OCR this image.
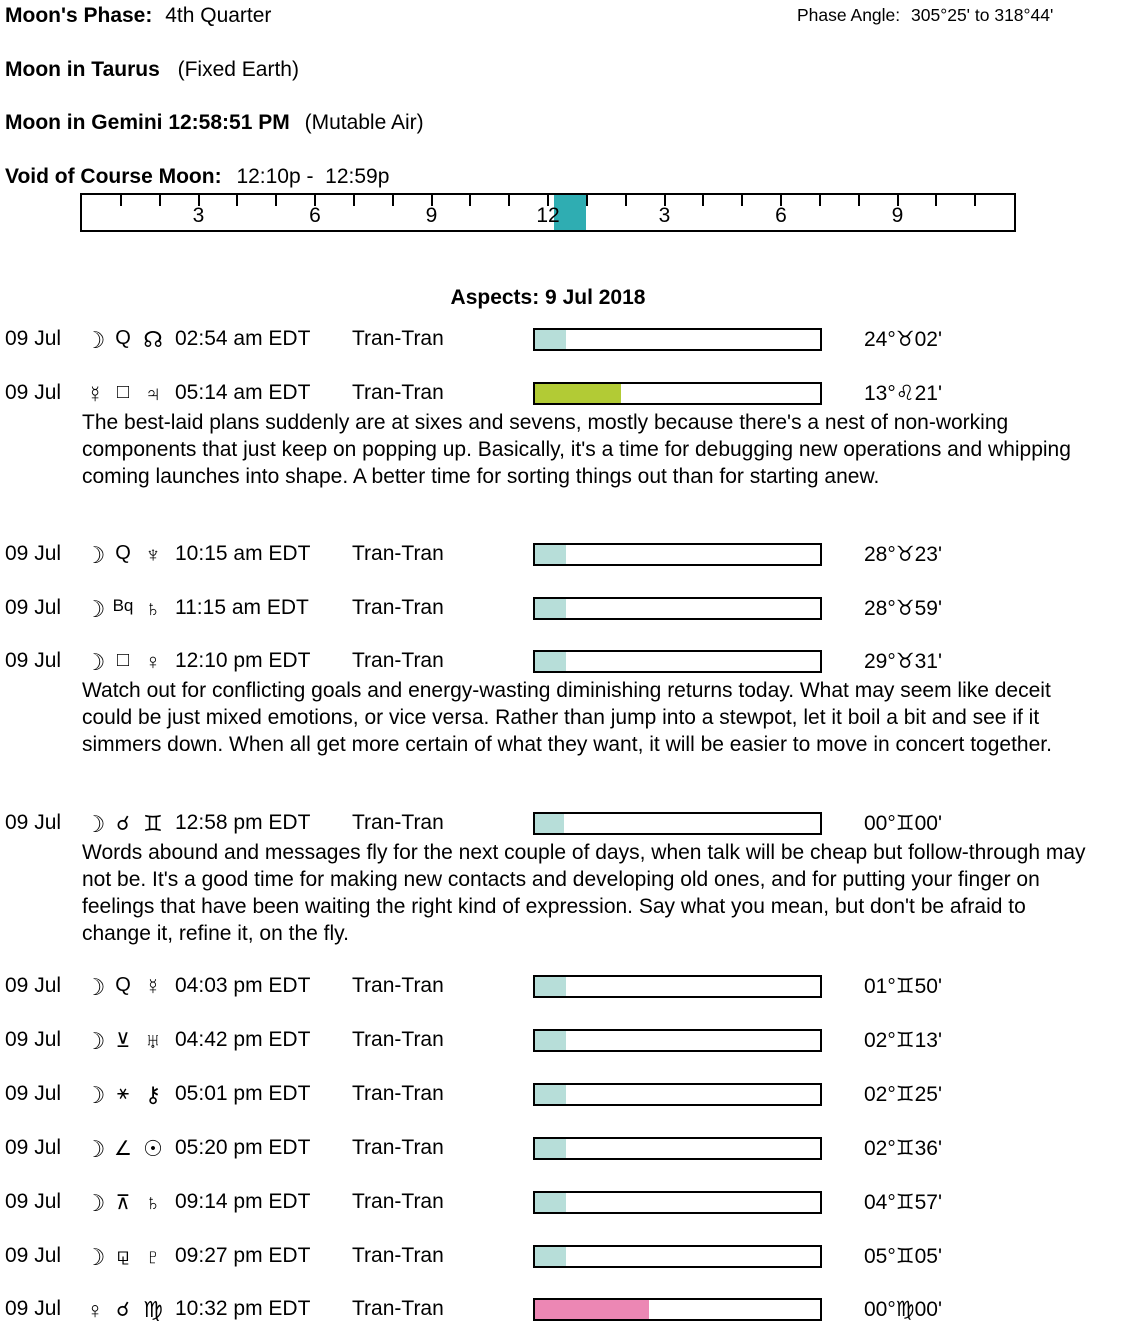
Moon's Phase: 4th Quarter	Phase Angle: 305°25' to 318°44'
Moon in Taurus (Fixed Earth)
Moon in Gemini 12:58:51 PM (Mutable Air)
Void of Course Moon: 12:10p -  12:59p
3	6	9	12	3	6	9
Aspects: 9 Jul 2018
09 Jul ☽ Q ☊ 02:54 am EDT Tran-Tran	24°♉02'
09 Jul ☿ □ ♃ 05:14 am EDT Tran-Tran	13°♌21'
The best-laid plans suddenly are at sixes and sevens, mostly because there's a nest of non-working components that just keep on popping up. Basically, it's a time for debugging new operations and whipping coming launches into shape. A better time for sorting things out than for starting anew.
09 Jul ☽ Q ♆ 10:15 am EDT Tran-Tran	28°♉23'
09 Jul ☽ Bq ♄ 11:15 am EDT Tran-Tran	28°♉59'
09 Jul ☽ □ ♀ 12:10 pm EDT Tran-Tran	29°♉31'
Watch out for conflicting goals and energy-wasting diminishing returns today. What may seem like deceit could be just mixed emotions, or vice versa. Rather than jump into a stewpot, let it boil a bit and see if it simmers down. When all get more certain of what they want, it will be easier to move in concert together.
09 Jul ☽ ☌ ♊ 12:58 pm EDT Tran-Tran	00°♊00'
Words abound and messages fly for the next couple of days, when talk will be cheap but follow-through may not be. It's a good time for making new contacts and developing old ones, and for putting your finger on feelings that have been waiting the right kind of expression. Say what you mean, but don't be afraid to change it, refine it, on the fly.
09 Jul ☽ Q ☿ 04:03 pm EDT Tran-Tran	01°♊50'
09 Jul ☽ ⊻ ♅ 04:42 pm EDT Tran-Tran	02°♊13'
09 Jul ☽ ⚹ ⚷ 05:01 pm EDT Tran-Tran	02°♊25'
09 Jul ☽ ∠ ☉ 05:20 pm EDT Tran-Tran	02°♊36'
09 Jul ☽ ⊼ ♄ 09:14 pm EDT Tran-Tran	04°♊57'
09 Jul ☽ ⚼ ♇ 09:27 pm EDT Tran-Tran	05°♊05'
09 Jul ♀ ☌ ♍ 10:32 pm EDT Tran-Tran	00°♍00'
